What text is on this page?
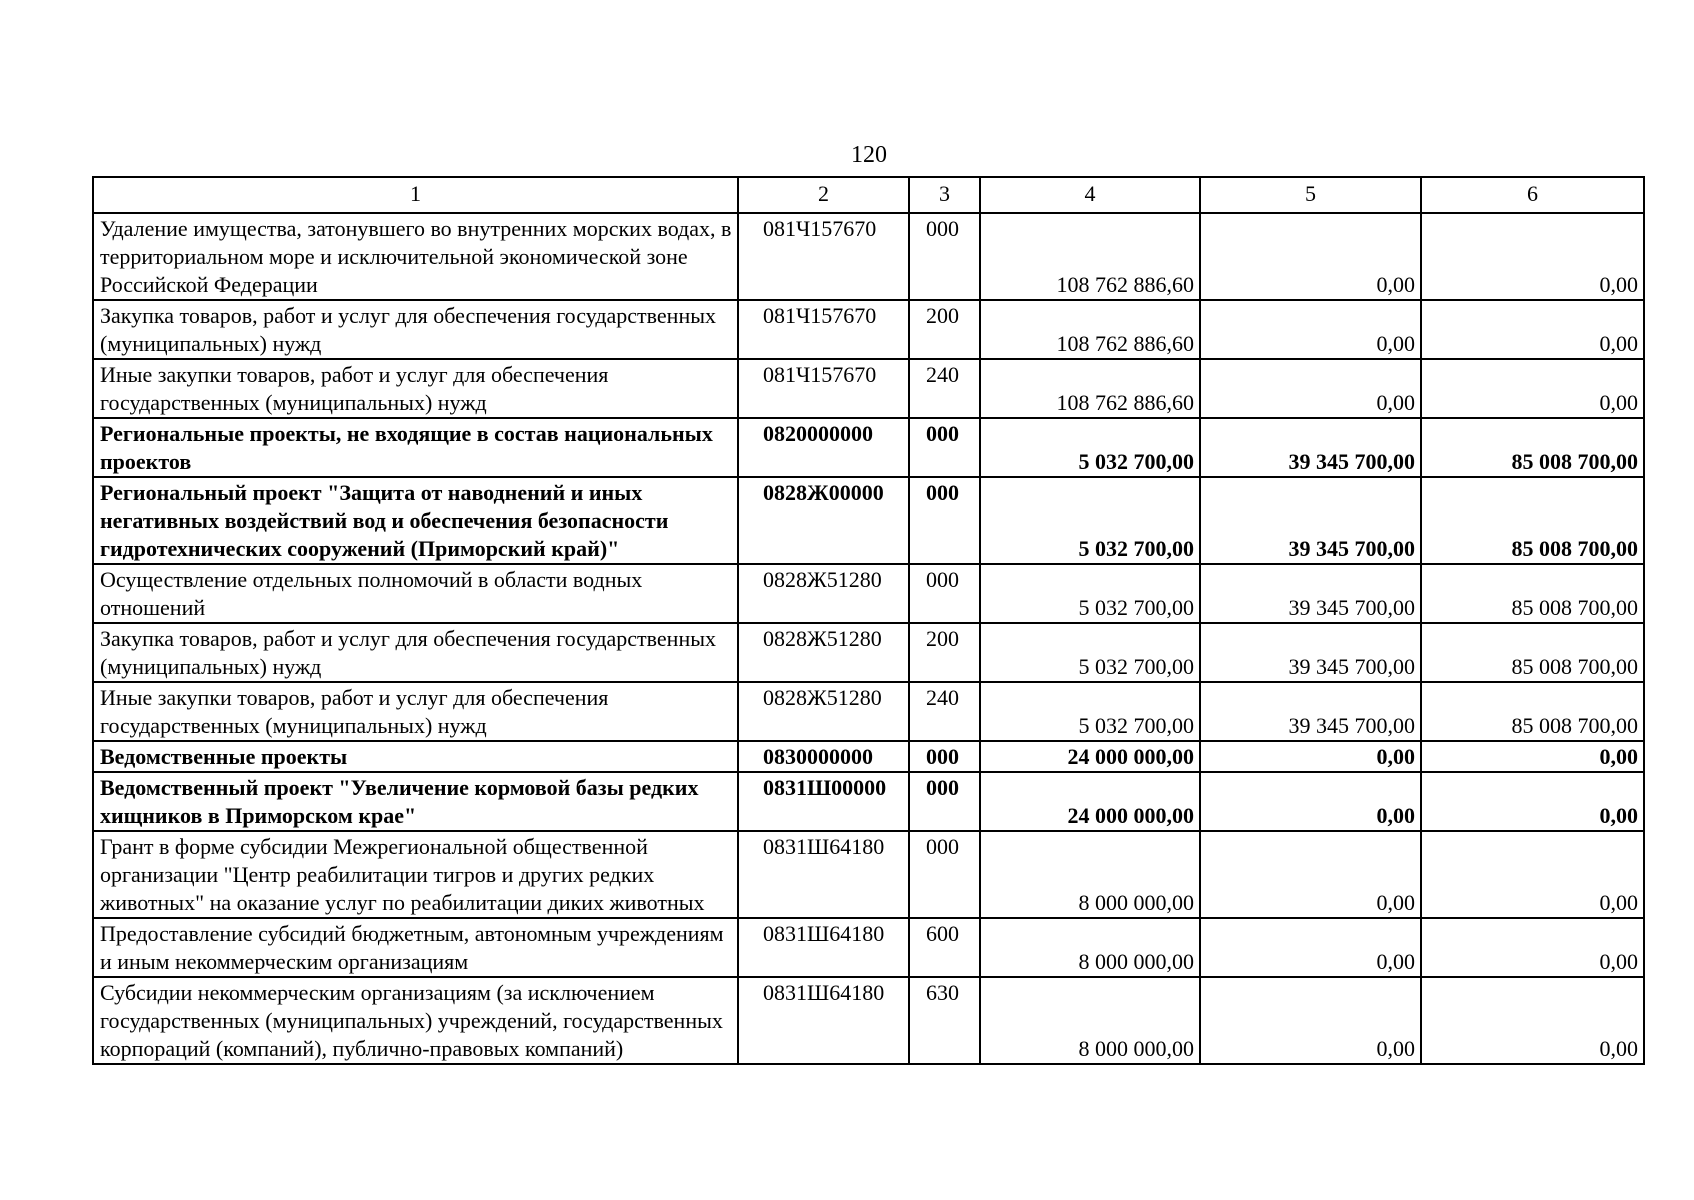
120
1	2	3	4	5	6
Удаление имущества, затонувшего во внутренних морских водах, в территориальном море и исключительной экономической зоне Российской Федерации	081Ч157670	000	108 762 886,60	0,00	0,00
Закупка товаров, работ и услуг для обеспечения государственных (муниципальных) нужд	081Ч157670	200	108 762 886,60	0,00	0,00
Иные закупки товаров, работ и услуг для обеспечения государственных (муниципальных) нужд	081Ч157670	240	108 762 886,60	0,00	0,00
Региональные проекты, не входящие в состав национальных проектов	0820000000	000	5 032 700,00	39 345 700,00	85 008 700,00
Региональный проект "Защита от наводнений и иных негативных воздействий вод и обеспечения безопасности гидротехнических сооружений (Приморский край)"	0828Ж00000	000	5 032 700,00	39 345 700,00	85 008 700,00
Осуществление отдельных полномочий в области водных отношений	0828Ж51280	000	5 032 700,00	39 345 700,00	85 008 700,00
Закупка товаров, работ и услуг для обеспечения государственных (муниципальных) нужд	0828Ж51280	200	5 032 700,00	39 345 700,00	85 008 700,00
Иные закупки товаров, работ и услуг для обеспечения государственных (муниципальных) нужд	0828Ж51280	240	5 032 700,00	39 345 700,00	85 008 700,00
Ведомственные проекты	0830000000	000	24 000 000,00	0,00	0,00
Ведомственный проект "Увеличение кормовой базы редких хищников в Приморском крае"	0831Ш00000	000	24 000 000,00	0,00	0,00
Грант в форме субсидии Межрегиональной общественной организации "Центр реабилитации тигров и других редких животных" на оказание услуг по реабилитации диких животных	0831Ш64180	000	8 000 000,00	0,00	0,00
Предоставление субсидий бюджетным, автономным учреждениям и иным некоммерческим организациям	0831Ш64180	600	8 000 000,00	0,00	0,00
Субсидии некоммерческим организациям (за исключением государственных (муниципальных) учреждений, государственных корпораций (компаний), публично-правовых компаний)	0831Ш64180	630	8 000 000,00	0,00	0,00
